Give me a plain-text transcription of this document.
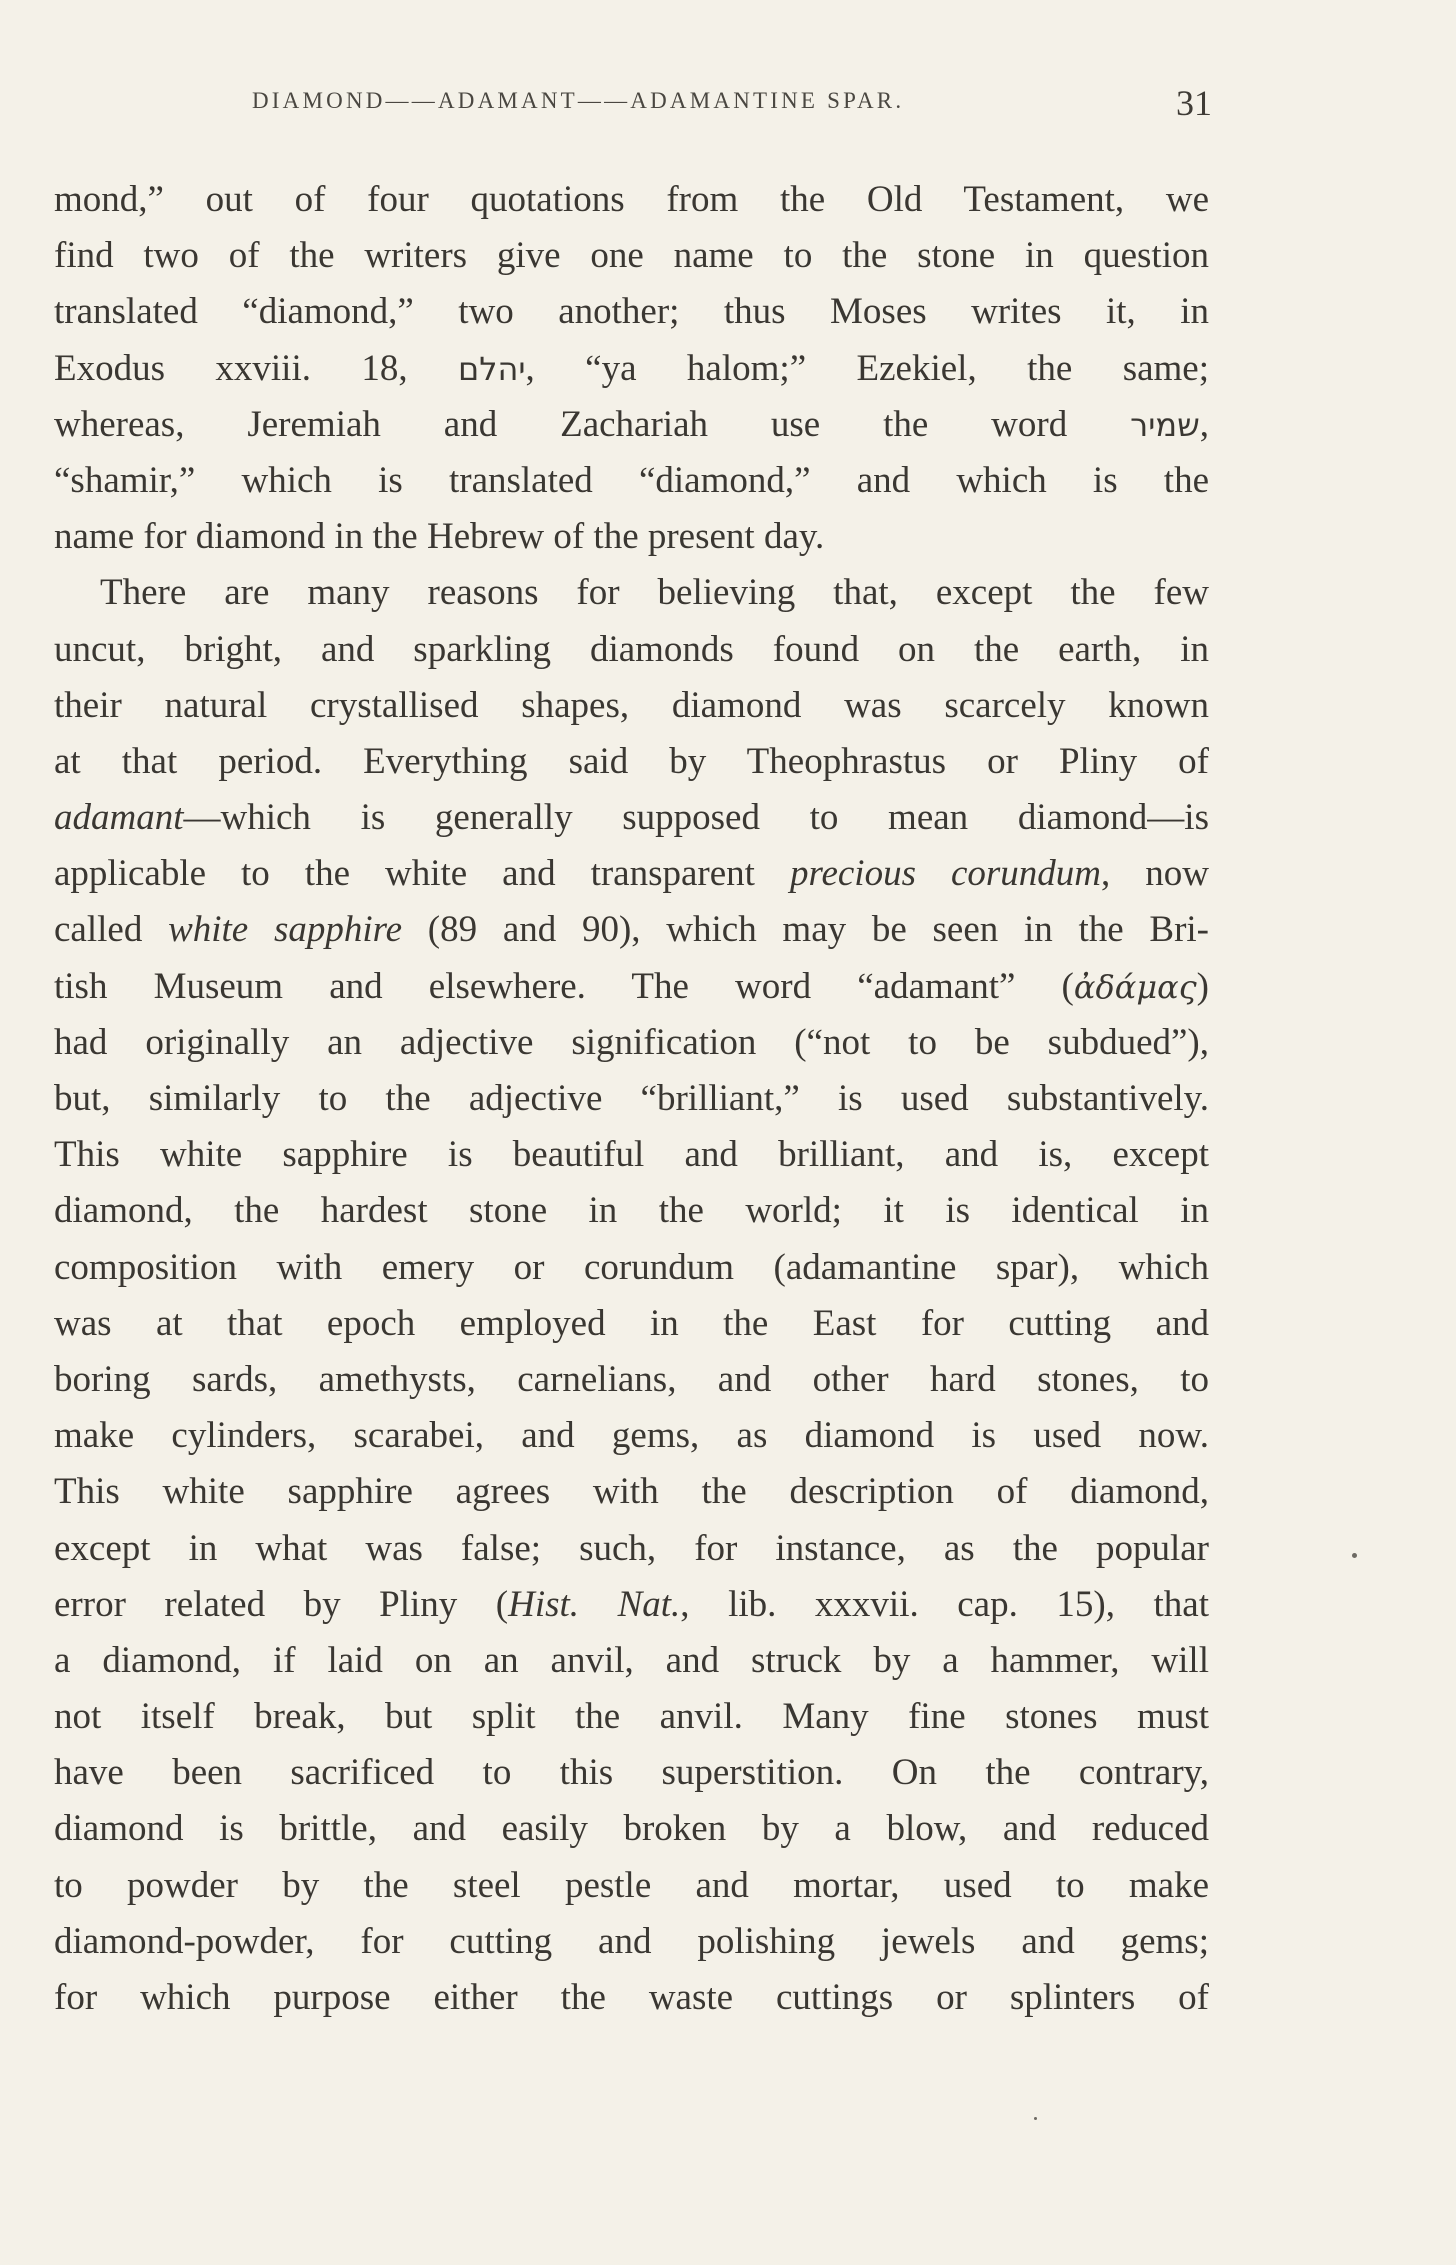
DIAMOND——ADAMANT——ADAMANTINE SPAR.	31
mond,” out of four quotations from the Old Testament, we
find two of the writers give one name to the stone in question
translated “diamond,” two another; thus Moses writes it, in
Exodus xxviii. 18, יהלם, “ya halom;” Ezekiel, the same;
whereas, Jeremiah and Zachariah use the word שמיר,
“shamir,” which is translated “diamond,” and which is the
name for diamond in the Hebrew of the present day.
There are many reasons for believing that, except the few
uncut, bright, and sparkling diamonds found on the earth, in
their natural crystallised shapes, diamond was scarcely known
at that period. Everything said by Theophrastus or Pliny of
adamant—which is generally supposed to mean diamond—is
applicable to the white and transparent precious corundum, now
called white sapphire (89 and 90), which may be seen in the Bri-
tish Museum and elsewhere. The word “adamant” (ἀδάμας)
had originally an adjective signification (“not to be subdued”),
but, similarly to the adjective “brilliant,” is used substantively.
This white sapphire is beautiful and brilliant, and is, except
diamond, the hardest stone in the world; it is identical in
composition with emery or corundum (adamantine spar), which
was at that epoch employed in the East for cutting and
boring sards, amethysts, carnelians, and other hard stones, to
make cylinders, scarabei, and gems, as diamond is used now.
This white sapphire agrees with the description of diamond,
except in what was false; such, for instance, as the popular
error related by Pliny (Hist. Nat., lib. xxxvii. cap. 15), that
a diamond, if laid on an anvil, and struck by a hammer, will
not itself break, but split the anvil. Many fine stones must
have been sacrificed to this superstition. On the contrary,
diamond is brittle, and easily broken by a blow, and reduced
to powder by the steel pestle and mortar, used to make
diamond-powder, for cutting and polishing jewels and gems;
for which purpose either the waste cuttings or splinters of
